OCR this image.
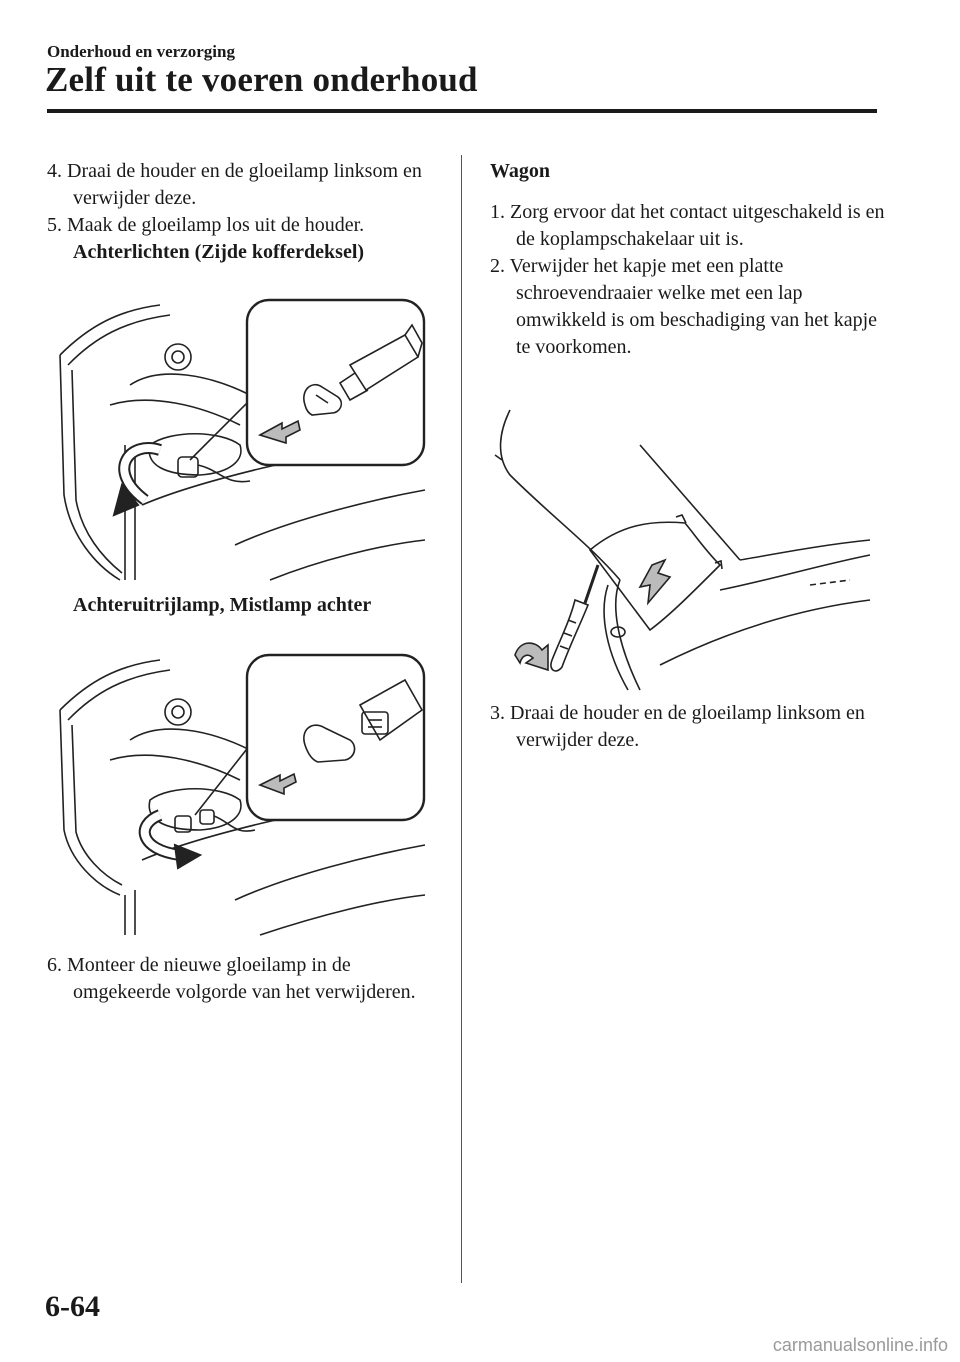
Onderhoud en verzorging
Zelf uit te voeren onderhoud

4. Draai de houder en de gloeilamp linksom en verwijder deze.

5. Maak de gloeilamp los uit de houder.

Achterlichten (Zijde kofferdeksel)

Achteruitrijlamp, Mistlamp achter

6. Monteer de nieuwe gloeilamp in de omgekeerde volgorde van het verwijderen.

Wagon

1. Zorg ervoor dat het contact uitgeschakeld is en de koplampschakelaar uit is.

2. Verwijder het kapje met een platte schroevendraaier welke met een lap omwikkeld is om beschadiging van het kapje te voorkomen.

3. Draai de houder en de gloeilamp linksom en verwijder deze.

6-64
carmanualsonline.info
